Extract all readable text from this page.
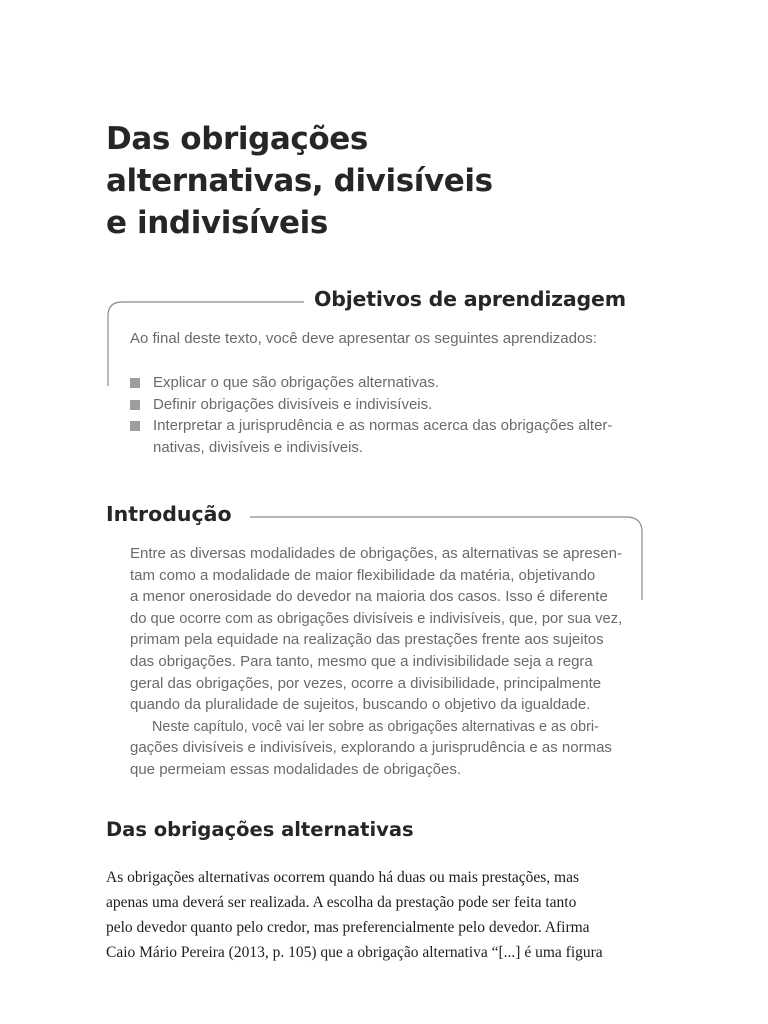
Das obrigações
alternativas, divisíveis
e indivisíveis
Objetivos de aprendizagem

Ao final deste texto, você deve apresentar os seguintes aprendizados:

Explicar o que são obrigações alternativas.
Definir obrigações divisíveis e indivisíveis.
Interpretar a jurisprudência e as normas acerca das obrigações alter-
nativas, divisíveis e indivisíveis.
Introdução
Entre as diversas modalidades de obrigações, as alternativas se apresen-
tam como a modalidade de maior flexibilidade da matéria, objetivando
a menor onerosidade do devedor na maioria dos casos. Isso é diferente
do que ocorre com as obrigações divisíveis e indivisíveis, que, por sua vez,
primam pela equidade na realização das prestações frente aos sujeitos
das obrigações. Para tanto, mesmo que a indivisibilidade seja a regra
geral das obrigações, por vezes, ocorre a divisibilidade, principalmente
quando da pluralidade de sujeitos, buscando o objetivo da igualdade.
Neste capítulo, você vai ler sobre as obrigações alternativas e as obri-
gações divisíveis e indivisíveis, explorando a jurisprudência e as normas
que permeiam essas modalidades de obrigações.
Das obrigações alternativas
As obrigações alternativas ocorrem quando há duas ou mais prestações, mas
apenas uma deverá ser realizada. A escolha da prestação pode ser feita tanto
pelo devedor quanto pelo credor, mas preferencialmente pelo devedor. Afirma
Caio Mário Pereira (2013, p. 105) que a obrigação alternativa “[...] é uma figura
